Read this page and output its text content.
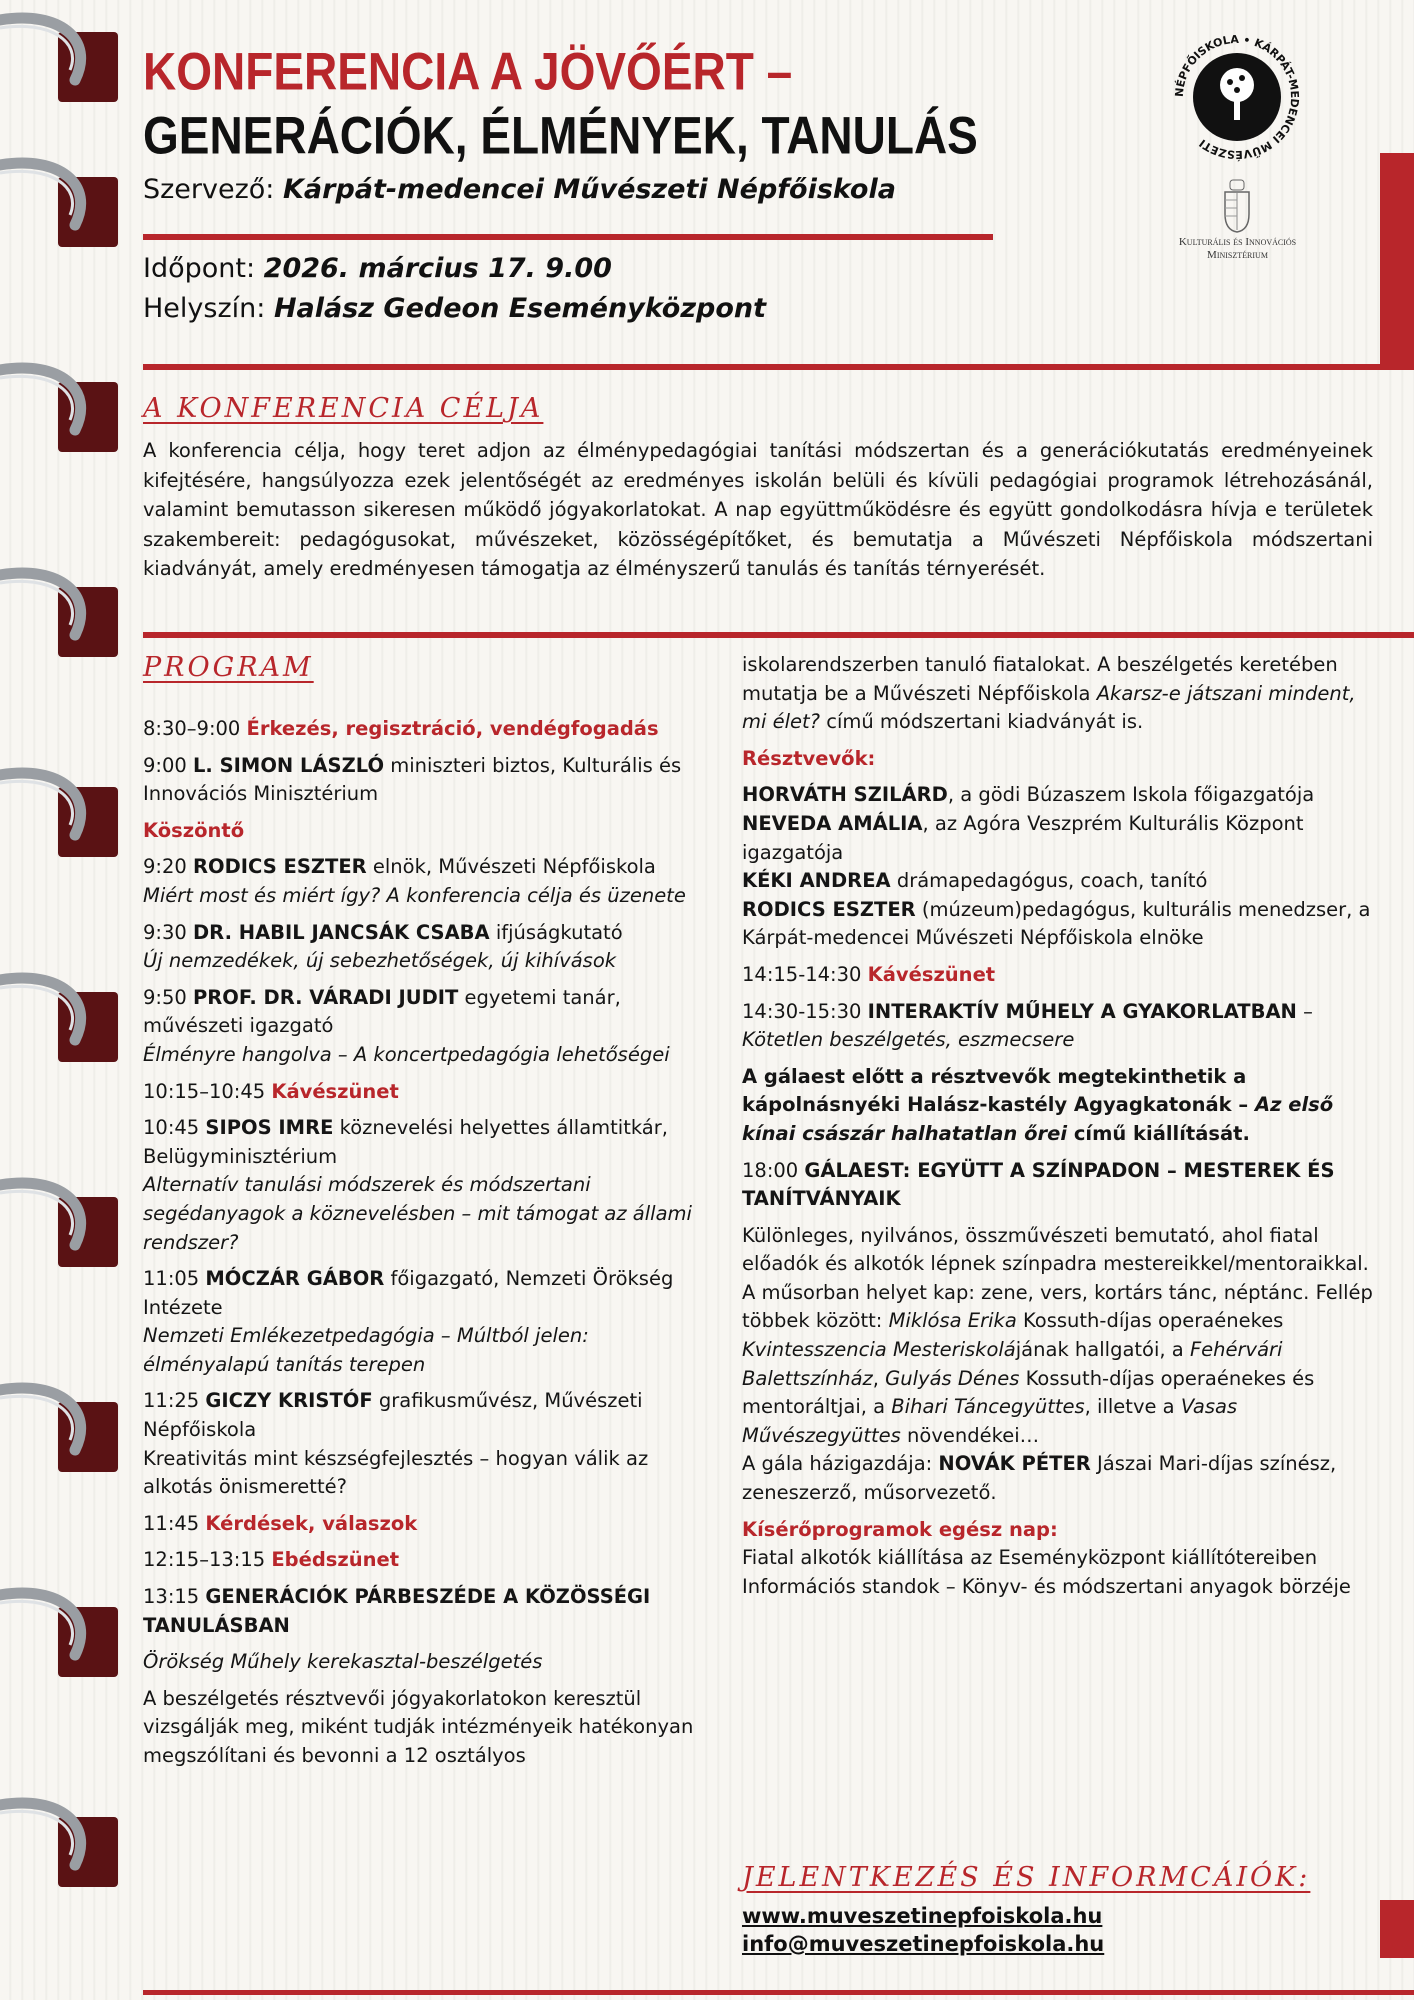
KONFERENCIA A JÖVŐÉRT –
GENERÁCIÓK, ÉLMÉNYEK, TANULÁS
Szervező: Kárpát-medencei Művészeti Népfőiskola
Időpont: 2026. március 17. 9.00
Helyszín: Halász Gedeon Eseményközpont
NÉPFŐISKOLA • KÁRPÁT-MEDENCEI MŰVÉSZETI
Kulturális és Innovációs
Minisztérium
A KONFERENCIA CÉLJA
A konferencia célja, hogy teret adjon az élménypedagógiai tanítási módszertan és a generációkutatás eredményeinek kifejtésére, hangsúlyozza ezek jelentőségét az eredményes iskolán belüli és kívüli pedagógiai programok létrehozásánál, valamint bemutasson sikeresen működő jógyakorlatokat. A nap együttműködésre és együtt gondolkodásra hívja e területek szakembereit: pedagógusokat, művészeket, közösségépítőket, és bemutatja a Művészeti Népfőiskola módszertani kiadványát, amely eredményesen támogatja az élményszerű tanulás és tanítás térnyerését.
PROGRAM
8:30–9:00 Érkezés, regisztráció, vendégfogadás
9:00 L. SIMON LÁSZLÓ miniszteri biztos, Kulturális és Innovációs Minisztérium
Köszöntő
9:20 RODICS ESZTER elnök, Művészeti Népfőiskola
Miért most és miért így? A konferencia célja és üzenete
9:30 DR. HABIL JANCSÁK CSABA ifjúságkutató
Új nemzedékek, új sebezhetőségek, új kihívások
9:50 PROF. DR. VÁRADI JUDIT egyetemi tanár, művészeti igazgató
Élményre hangolva – A koncertpedagógia lehetőségei
10:15–10:45 Kávészünet
10:45 SIPOS IMRE köznevelési helyettes államtitkár, Belügyminisztérium
Alternatív tanulási módszerek és módszertani segédanyagok a köznevelésben – mit támogat az állami rendszer?
11:05 MÓCZÁR GÁBOR főigazgató, Nemzeti Örökség Intézete
Nemzeti Emlékezetpedagógia – Múltból jelen: élményalapú tanítás terepen
11:25 GICZY KRISTÓF grafikusművész, Művészeti Népfőiskola
Kreativitás mint készségfejlesztés – hogyan válik az alkotás önismeretté?
11:45 Kérdések, válaszok
12:15–13:15 Ebédszünet
13:15 GENERÁCIÓK PÁRBESZÉDE A KÖZÖSSÉGI TANULÁSBAN
Örökség Műhely kerekasztal-beszélgetés
A beszélgetés résztvevői jógyakorlatokon keresztül vizsgálják meg, miként tudják intézményeik hatékonyan megszólítani és bevonni a 12 osztályos
iskolarendszerben tanuló fiatalokat. A beszélgetés keretében mutatja be a Művészeti Népfőiskola Akarsz-e játszani mindent, mi élet? című módszertani kiadványát is.
Résztvevők:
HORVÁTH SZILÁRD, a gödi Búzaszem Iskola főigazgatója
NEVEDA AMÁLIA, az Agóra Veszprém Kulturális Központ igazgatója
KÉKI ANDREA drámapedagógus, coach, tanító
RODICS ESZTER (múzeum)pedagógus, kulturális menedzser, a Kárpát-medencei Művészeti Népfőiskola elnöke
14:15-14:30 Kávészünet
14:30-15:30 INTERAKTÍV MŰHELY A GYAKORLATBAN – Kötetlen beszélgetés, eszmecsere
A gálaest előtt a résztvevők megtekinthetik a kápolnásnyéki Halász-kastély Agyagkatonák – Az első kínai császár halhatatlan őrei című kiállítását.
18:00 GÁLAEST: EGYÜTT A SZÍNPADON – MESTEREK ÉS TANÍTVÁNYAIK
Különleges, nyilvános, összművészeti bemutató, ahol fiatal előadók és alkotók lépnek színpadra mestereikkel/mentoraikkal. A műsorban helyet kap: zene, vers, kortárs tánc, néptánc. Fellép többek között: Miklósa Erika Kossuth-díjas operaénekes Kvintesszencia Mesteriskolájának hallgatói, a Fehérvári Balettszínház, Gulyás Dénes Kossuth-díjas operaénekes és mentoráltjai, a Bihari Táncegyüttes, illetve a Vasas Művészegyüttes növendékei…
A gála házigazdája: NOVÁK PÉTER Jászai Mari-díjas színész, zeneszerző, műsorvezető.
Kísérőprogramok egész nap:
Fiatal alkotók kiállítása az Eseményközpont kiállítótereiben
Információs standok – Könyv- és módszertani anyagok börzéje
JELENTKEZÉS ÉS INFORMCÁIÓK:
www.muveszetinepfoiskola.hu
info@muveszetinepfoiskola.hu
